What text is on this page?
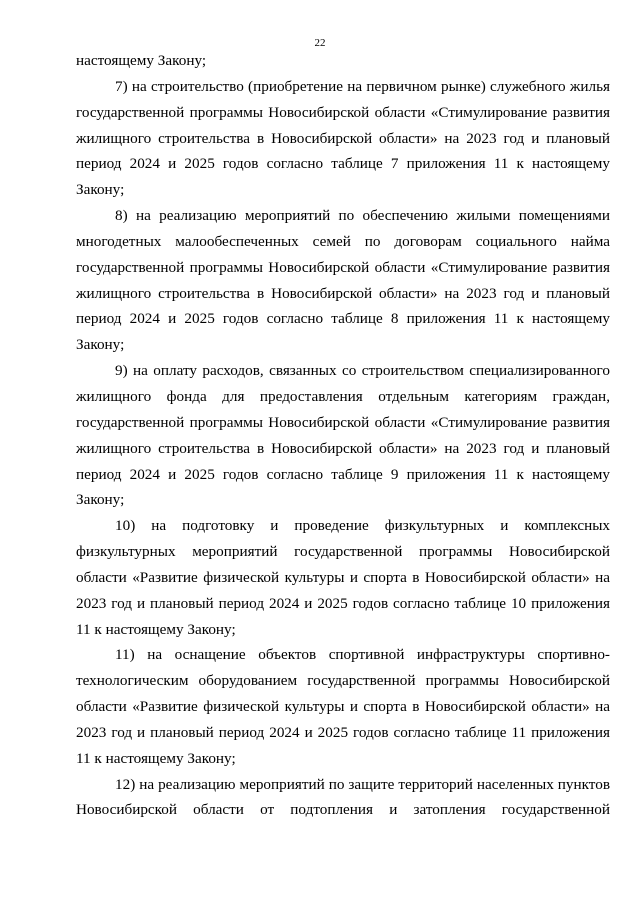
22
настоящему Закону;
7) на строительство (приобретение на первичном рынке) служебного жилья
государственной программы Новосибирской области «Стимулирование развития
жилищного строительства в Новосибирской области» на 2023 год и плановый
период 2024 и 2025 годов согласно таблице 7 приложения 11 к настоящему
Закону;
8) на реализацию мероприятий по обеспечению жилыми помещениями
многодетных малообеспеченных семей по договорам социального найма
государственной программы Новосибирской области «Стимулирование развития
жилищного строительства в Новосибирской области» на 2023 год и плановый
период 2024 и 2025 годов согласно таблице 8 приложения 11 к настоящему
Закону;
9) на оплату расходов, связанных со строительством специализированного
жилищного фонда для предоставления отдельным категориям граждан,
государственной программы Новосибирской области «Стимулирование развития
жилищного строительства в Новосибирской области» на 2023 год и плановый
период 2024 и 2025 годов согласно таблице 9 приложения 11 к настоящему
Закону;
10) на подготовку и проведение физкультурных и комплексных
физкультурных мероприятий государственной программы Новосибирской
области «Развитие физической культуры и спорта в Новосибирской области» на
2023 год и плановый период 2024 и 2025 годов согласно таблице 10 приложения
11 к настоящему Закону;
11) на оснащение объектов спортивной инфраструктуры спортивно-
технологическим оборудованием государственной программы Новосибирской
области «Развитие физической культуры и спорта в Новосибирской области» на
2023 год и плановый период 2024 и 2025 годов согласно таблице 11 приложения
11 к настоящему Закону;
12) на реализацию мероприятий по защите территорий населенных пунктов
Новосибирской области от подтопления и затопления государственной
